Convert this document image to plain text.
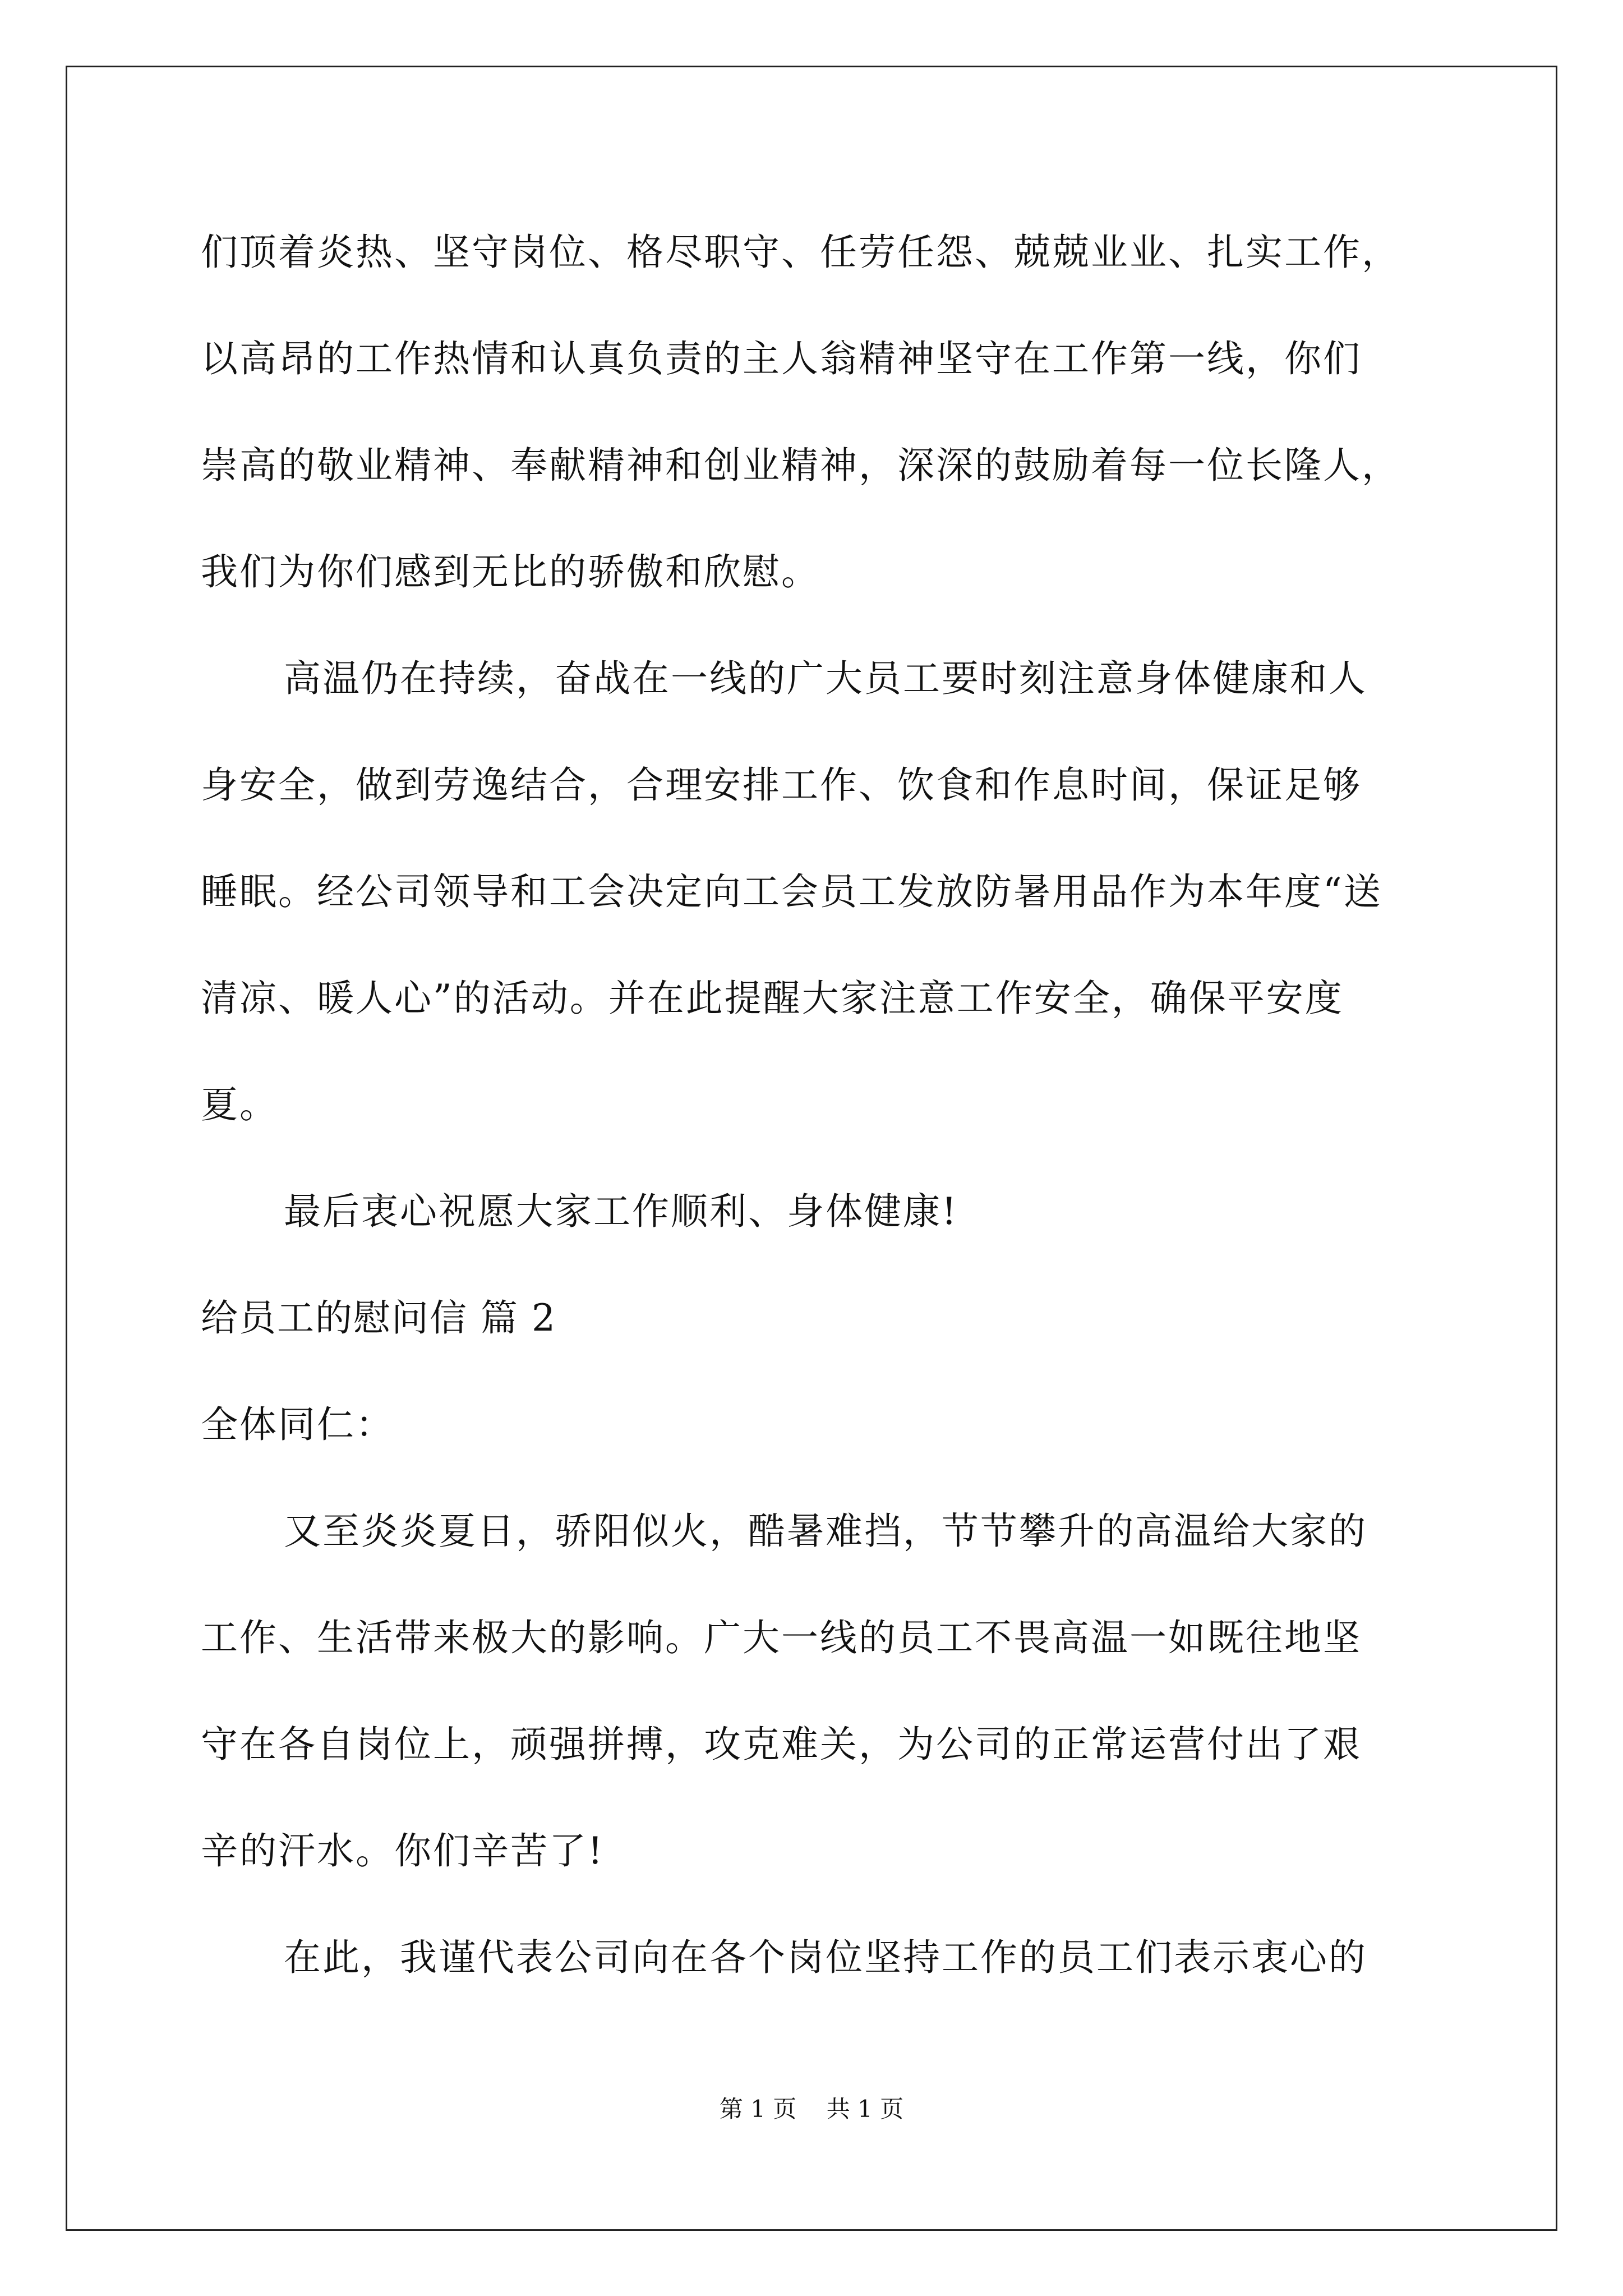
们顶着炎热、坚守岗位、格尽职守、任劳任怨、兢兢业业、扎实工作，
以高昂的工作热情和认真负责的主人翁精神坚守在工作第一线，你们
崇高的敬业精神、奉献精神和创业精神，深深的鼓励着每一位长隆人，
我们为你们感到无比的骄傲和欣慰。
高温仍在持续，奋战在一线的广大员工要时刻注意身体健康和人
身安全，做到劳逸结合，合理安排工作、饮食和作息时间，保证足够
睡眠。经公司领导和工会决定向工会员工发放防暑用品作为本年度“送
清凉、暖人心”的活动。并在此提醒大家注意工作安全，确保平安度
夏。
最后衷心祝愿大家工作顺利、身体健康!
给员工的慰问信 篇 2
全体同仁：
又至炎炎夏日，骄阳似火，酷暑难挡，节节攀升的高温给大家的
工作、生活带来极大的影响。广大一线的员工不畏高温一如既往地坚
守在各自岗位上，顽强拼搏，攻克难关，为公司的正常运营付出了艰
辛的汗水。你们辛苦了!
在此，我谨代表公司向在各个岗位坚持工作的员工们表示衷心的
第 1 页    共 1 页
